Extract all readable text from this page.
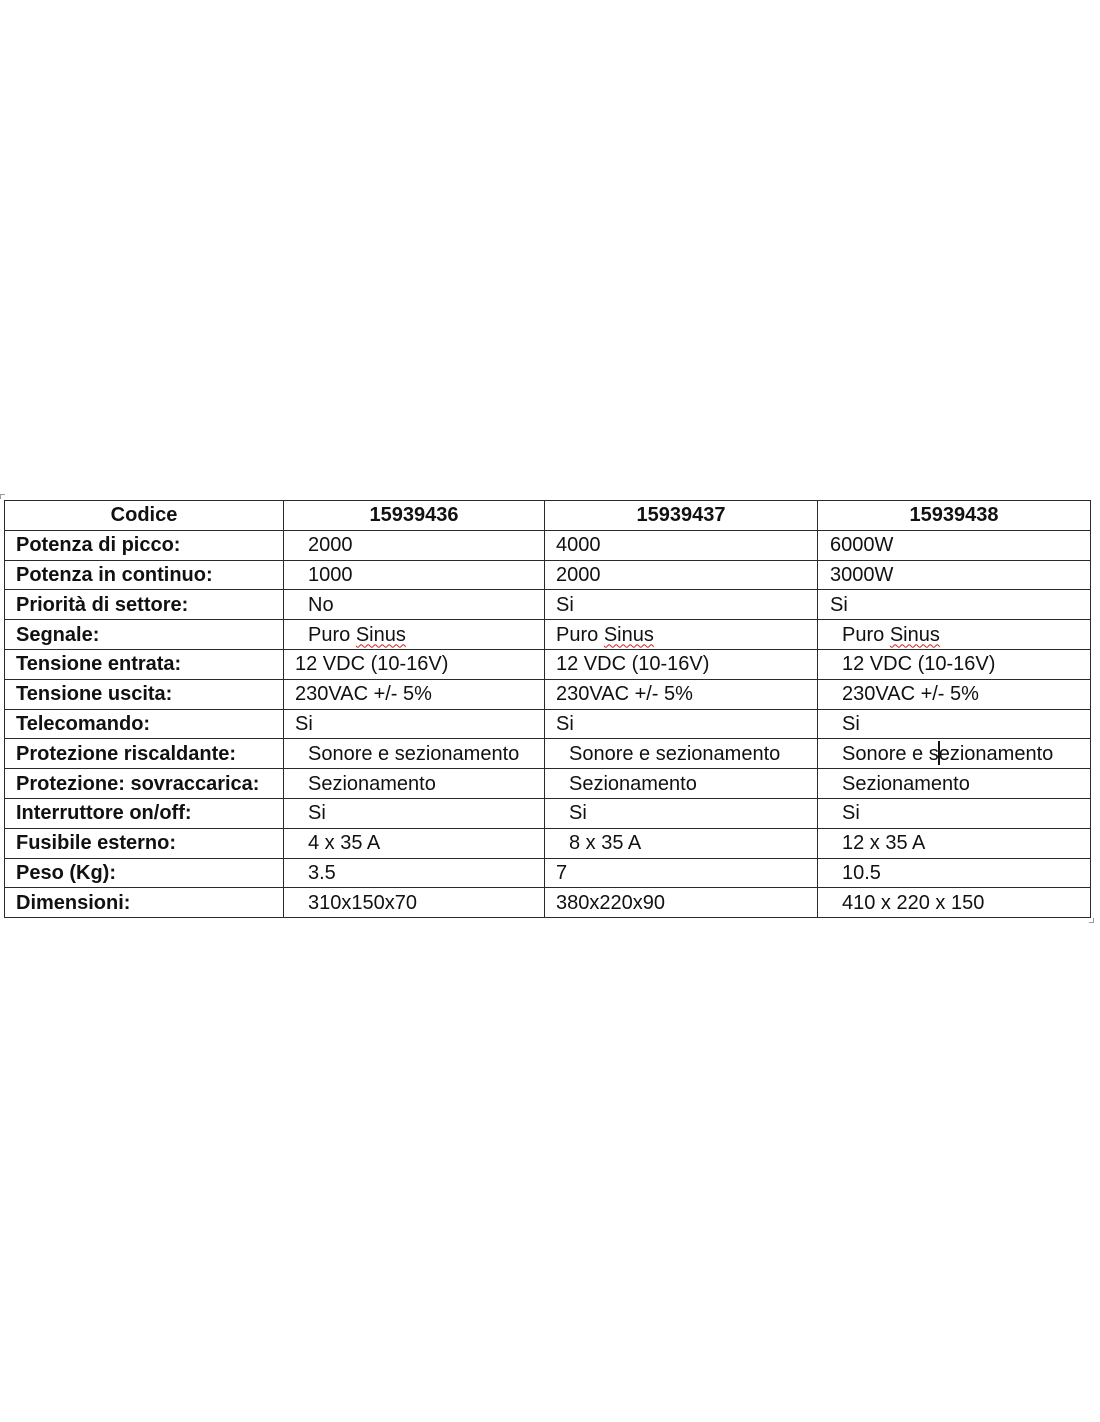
Codice	15939436	15939437	15939438
Potenza di picco:	2000	4000	6000W
Potenza in continuo:	1000	2000	3000W
Priorità di settore:	No	Si	Si
Segnale:	Puro Sinus	Puro Sinus	Puro Sinus
Tensione entrata:	12 VDC (10-16V)	12 VDC (10-16V)	12 VDC (10-16V)
Tensione uscita:	230VAC +/- 5%	230VAC +/- 5%	230VAC +/- 5%
Telecomando:	Si	Si	Si
Protezione riscaldante:	Sonore e sezionamento	Sonore e sezionamento	Sonore e sezionamento
Protezione: sovraccarica:	Sezionamento	Sezionamento	Sezionamento
Interruttore on/off:	Si	Si	Si
Fusibile esterno:	4 x 35 A	8 x 35 A	12 x 35 A
Peso (Kg):	3.5	7	10.5
Dimensioni:	310x150x70	380x220x90	410 x 220 x 150
